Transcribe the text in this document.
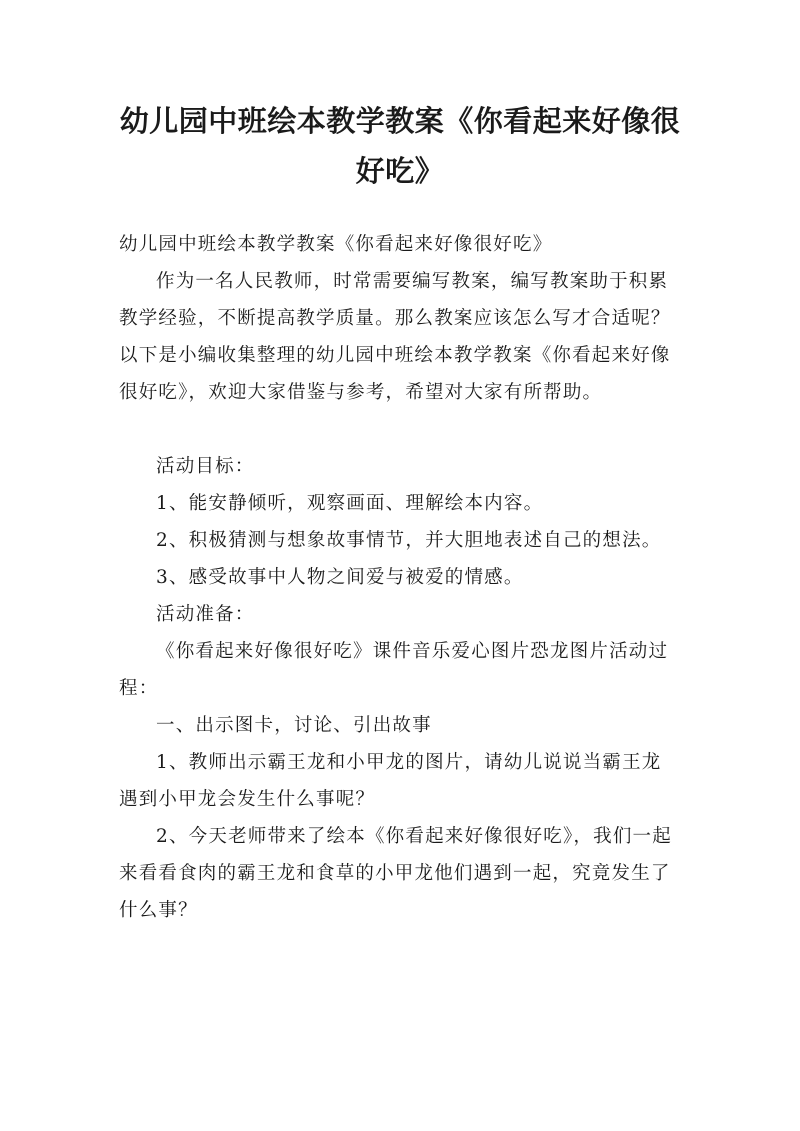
幼儿园中班绘本教学教案《你看起来好像很好吃》

幼儿园中班绘本教学教案《你看起来好像很好吃》

作为一名人民教师，时常需要编写教案，编写教案助于积累教学经验，不断提高教学质量。那么教案应该怎么写才合适呢？以下是小编收集整理的幼儿园中班绘本教学教案《你看起来好像很好吃》，欢迎大家借鉴与参考，希望对大家有所帮助。

活动目标：

1、能安静倾听，观察画面、理解绘本内容。

2、积极猜测与想象故事情节，并大胆地表述自己的想法。

3、感受故事中人物之间爱与被爱的情感。

活动准备：

《你看起来好像很好吃》课件音乐爱心图片恐龙图片活动过程：

一、出示图卡，讨论、引出故事

1、教师出示霸王龙和小甲龙的图片，请幼儿说说当霸王龙遇到小甲龙会发生什么事呢？

2、今天老师带来了绘本《你看起来好像很好吃》，我们一起来看看食肉的霸王龙和食草的小甲龙他们遇到一起，究竟发生了什么事？
